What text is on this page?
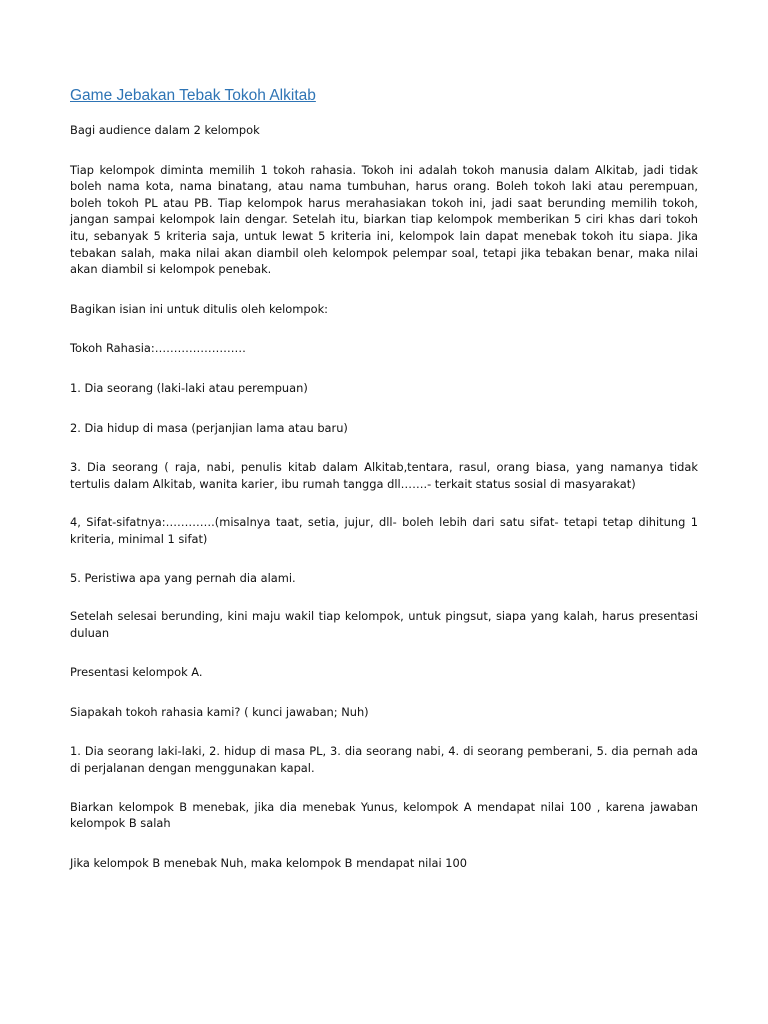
Game Jebakan Tebak Tokoh Alkitab

Bagi audience dalam 2 kelompok

Tiap kelompok diminta memilih 1 tokoh rahasia. Tokoh ini adalah tokoh manusia dalam Alkitab, jadi tidak boleh nama kota, nama binatang, atau nama tumbuhan, harus orang. Boleh tokoh laki atau perempuan, boleh tokoh PL atau PB. Tiap kelompok harus merahasiakan tokoh ini, jadi saat berunding memilih tokoh, jangan sampai kelompok lain dengar. Setelah itu, biarkan tiap kelompok memberikan 5 ciri khas dari tokoh itu, sebanyak 5 kriteria saja, untuk lewat 5 kriteria ini, kelompok lain dapat menebak tokoh itu siapa. Jika tebakan salah, maka nilai akan diambil oleh kelompok pelempar soal, tetapi jika tebakan benar, maka nilai akan diambil si kelompok penebak.

Bagikan isian ini untuk ditulis oleh kelompok:

Tokoh Rahasia:……………………

1. Dia seorang (laki-laki atau perempuan)

2. Dia hidup di masa (perjanjian lama atau baru)

3. Dia seorang ( raja, nabi, penulis kitab dalam Alkitab,tentara, rasul, orang biasa, yang namanya tidak tertulis dalam Alkitab, wanita karier, ibu rumah tangga dll…….- terkait status sosial di masyarakat)

4, Sifat-sifatnya:………….(misalnya taat, setia, jujur, dll- boleh lebih dari satu sifat- tetapi tetap dihitung 1 kriteria, minimal 1 sifat)

5. Peristiwa apa yang pernah dia alami.

Setelah selesai berunding, kini maju wakil tiap kelompok, untuk pingsut, siapa yang kalah, harus presentasi duluan

Presentasi kelompok A.

Siapakah tokoh rahasia kami? ( kunci jawaban; Nuh)

1. Dia seorang laki-laki, 2. hidup di masa PL, 3. dia seorang nabi, 4. di seorang pemberani, 5. dia pernah ada di perjalanan dengan menggunakan kapal.

Biarkan kelompok B menebak, jika dia menebak Yunus, kelompok A mendapat nilai 100 , karena jawaban kelompok B salah

Jika kelompok B menebak Nuh, maka kelompok B mendapat nilai 100
